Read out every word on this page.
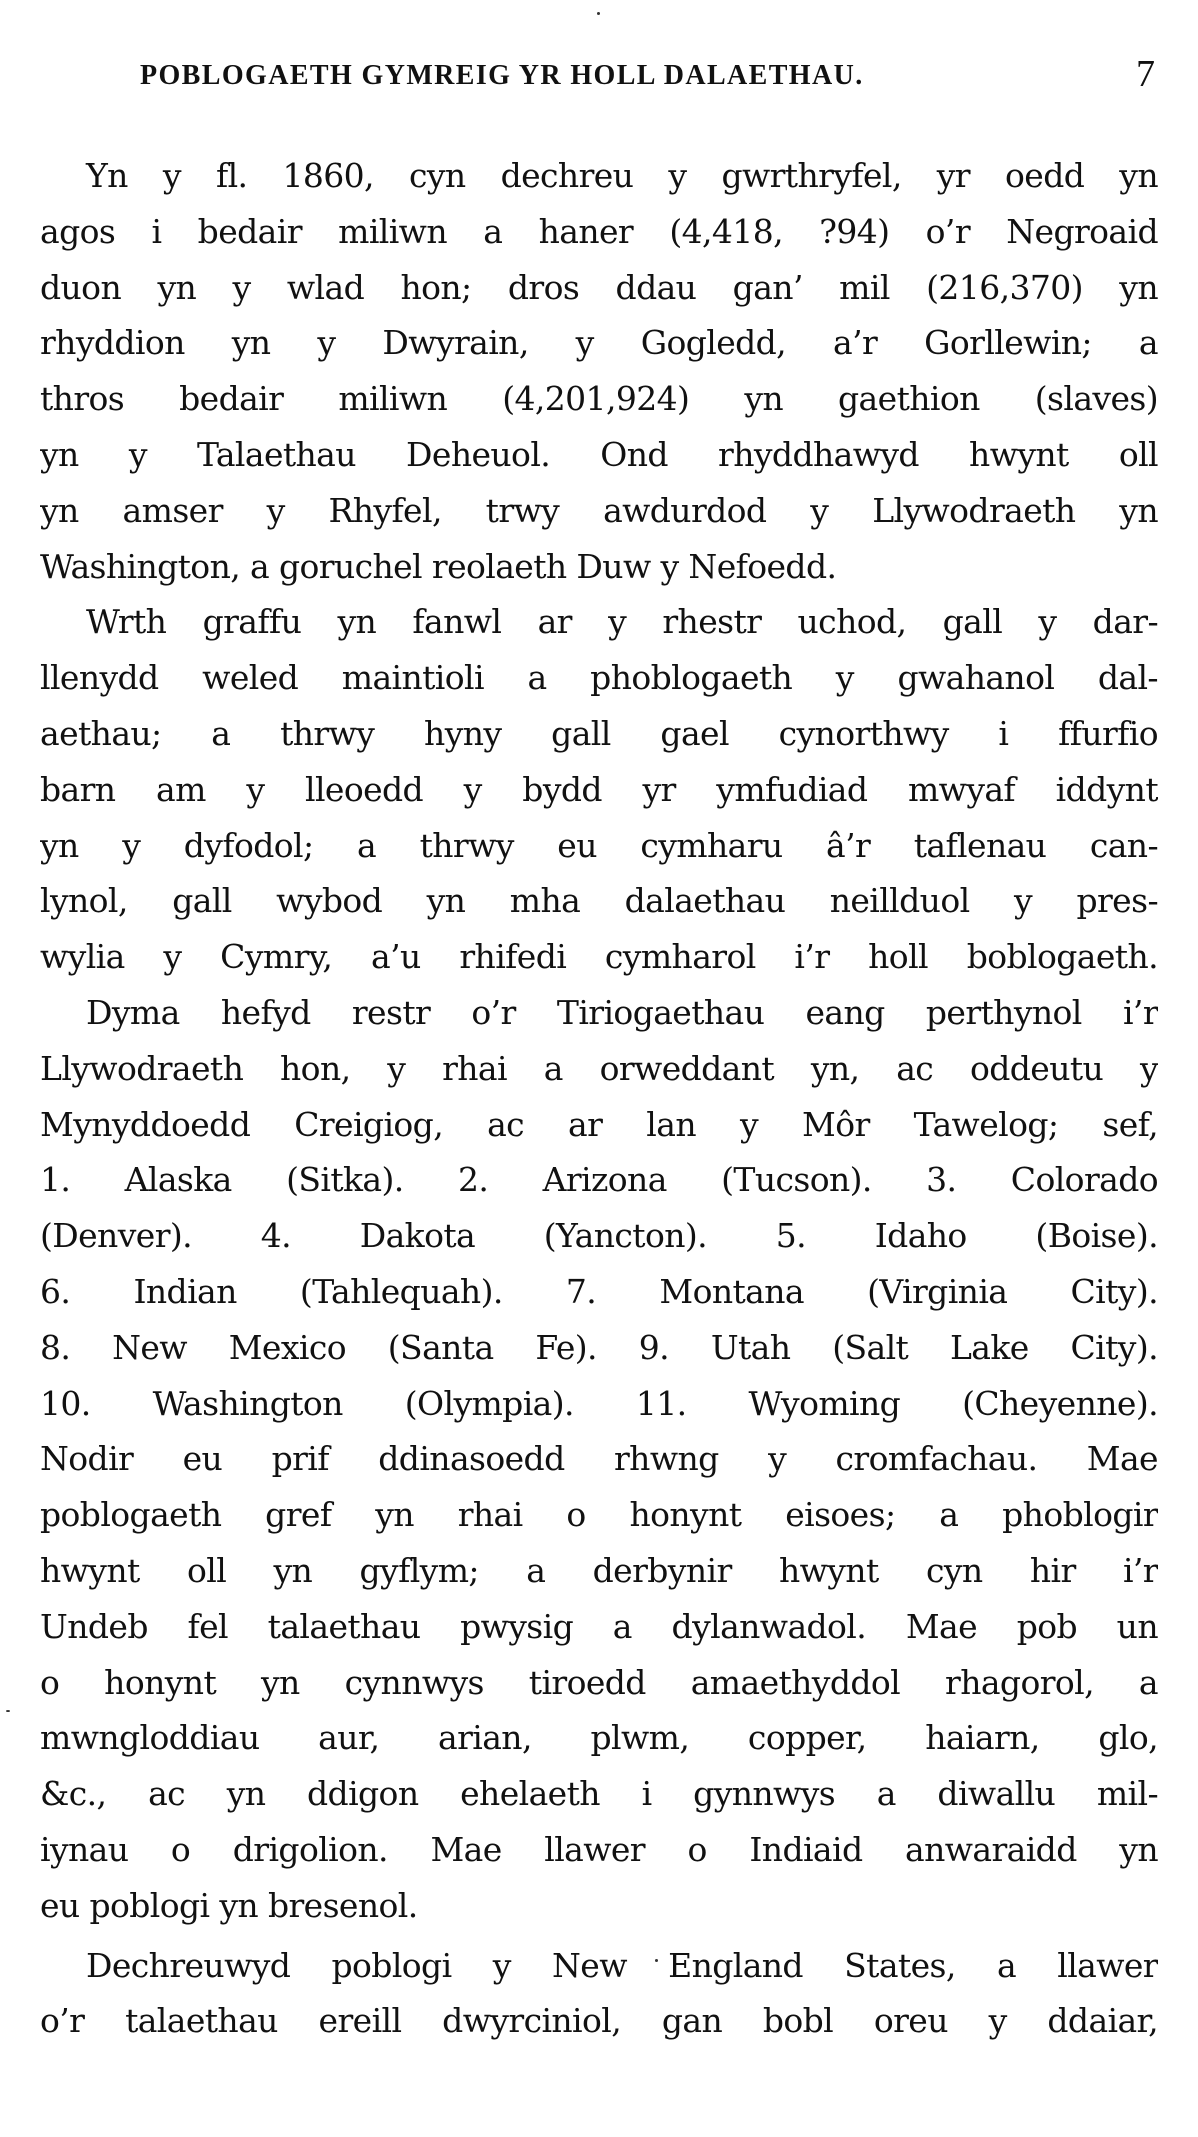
POBLOGAETH GYMREIG YR HOLL DALAETHAU.	7
Yn y fl. 1860, cyn dechreu y gwrthryfel, yr oedd yn
agos i bedair miliwn a haner (4,418, ?94) o’r Negroaid
duon yn y wlad hon; dros ddau gan’ mil (216,370) yn
rhyddion yn y Dwyrain, y Gogledd, a’r Gorllewin; a
thros bedair miliwn (4,201,924) yn gaethion (slaves)
yn y Talaethau Deheuol. Ond rhyddhawyd hwynt oll
yn amser y Rhyfel, trwy awdurdod y Llywodraeth yn
Washington, a goruchel reolaeth Duw y Nefoedd.
Wrth graffu yn fanwl ar y rhestr uchod, gall y dar-
llenydd weled maintioli a phoblogaeth y gwahanol dal-
aethau; a thrwy hyny gall gael cynorthwy i ffurfio
barn am y lleoedd y bydd yr ymfudiad mwyaf iddynt
yn y dyfodol; a thrwy eu cymharu â’r taflenau can-
lynol, gall wybod yn mha dalaethau neillduol y pres-
wylia y Cymry, a’u rhifedi cymharol i’r holl boblogaeth.
Dyma hefyd restr o’r Tiriogaethau eang perthynol i’r
Llywodraeth hon, y rhai a orweddant yn, ac oddeutu y
Mynyddoedd Creigiog, ac ar lan y Môr Tawelog; sef,
1. Alaska (Sitka). 2. Arizona (Tucson). 3. Colorado
(Denver). 4. Dakota (Yancton). 5. Idaho (Boise).
6. Indian (Tahlequah). 7. Montana (Virginia City).
8. New Mexico (Santa Fe). 9. Utah (Salt Lake City).
10. Washington (Olympia). 11. Wyoming (Cheyenne).
Nodir eu prif ddinasoedd rhwng y cromfachau. Mae
poblogaeth gref yn rhai o honynt eisoes; a phoblogir
hwynt oll yn gyflym; a derbynir hwynt cyn hir i’r
Undeb fel talaethau pwysig a dylanwadol. Mae pob un
o honynt yn cynnwys tiroedd amaethyddol rhagorol, a
mwngloddiau aur, arian, plwm, copper, haiarn, glo,
&c., ac yn ddigon ehelaeth i gynnwys a diwallu mil-
iynau o drigolion. Mae llawer o Indiaid anwaraidd yn
eu poblogi yn bresenol.
Dechreuwyd poblogi y New England States, a llawer
o’r talaethau ereill dwyrciniol, gan bobl oreu y ddaiar,
